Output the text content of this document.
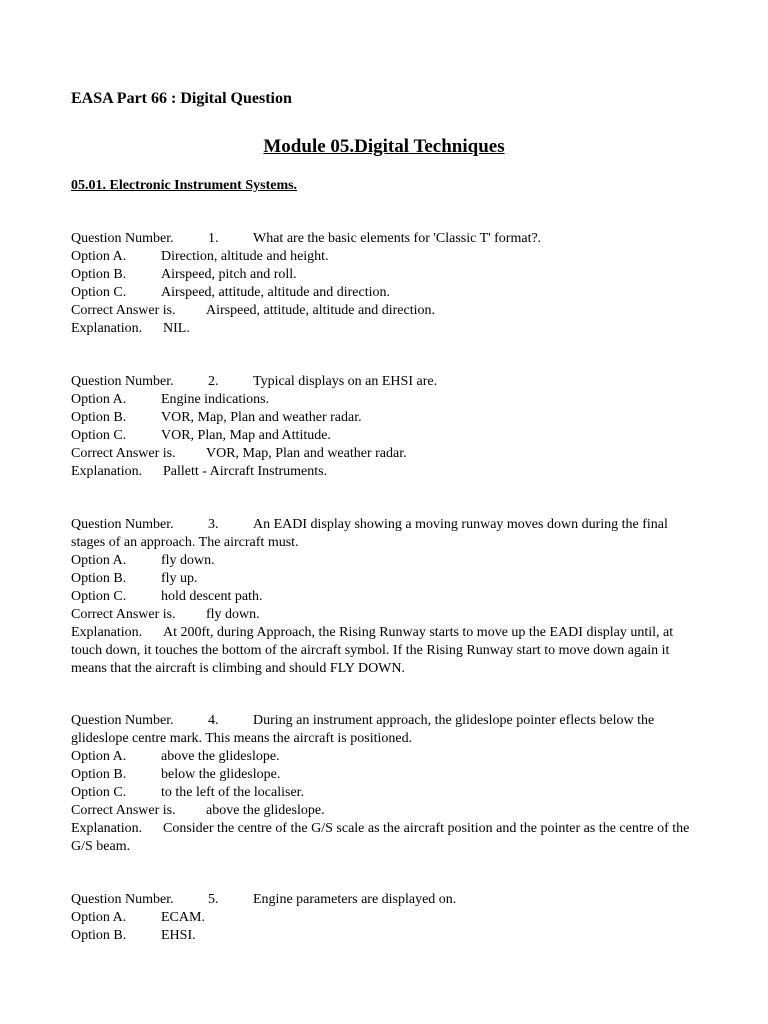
EASA Part 66 : Digital Question
Module 05.Digital Techniques
05.01. Electronic Instrument Systems.
Question Number. 1. What are the basic elements for 'Classic T' format?.
Option A. Direction, altitude and height.
Option B. Airspeed, pitch and roll.
Option C. Airspeed, attitude, altitude and direction.
Correct Answer is. Airspeed, attitude, altitude and direction.
Explanation. NIL.
Question Number. 2. Typical displays on an EHSI are.
Option A. Engine indications.
Option B. VOR, Map, Plan and weather radar.
Option C. VOR, Plan, Map and Attitude.
Correct Answer is. VOR, Map, Plan and weather radar.
Explanation. Pallett - Aircraft Instruments.
Question Number. 3. An EADI display showing a moving runway moves down during the final stages of an approach. The aircraft must.
Option A. fly down.
Option B. fly up.
Option C. hold descent path.
Correct Answer is. fly down.
Explanation. At 200ft, during Approach, the Rising Runway starts to move up the EADI display until, at touch down, it touches the bottom of the aircraft symbol. If the Rising Runway start to move down again it means that the aircraft is climbing and should FLY DOWN.
Question Number. 4. During an instrument approach, the glideslope pointer eflects below the glideslope centre mark. This means the aircraft is positioned.
Option A. above the glideslope.
Option B. below the glideslope.
Option C. to the left of the localiser.
Correct Answer is. above the glideslope.
Explanation. Consider the centre of the G/S scale as the aircraft position and the pointer as the centre of the G/S beam.
Question Number. 5. Engine parameters are displayed on.
Option A. ECAM.
Option B. EHSI.
